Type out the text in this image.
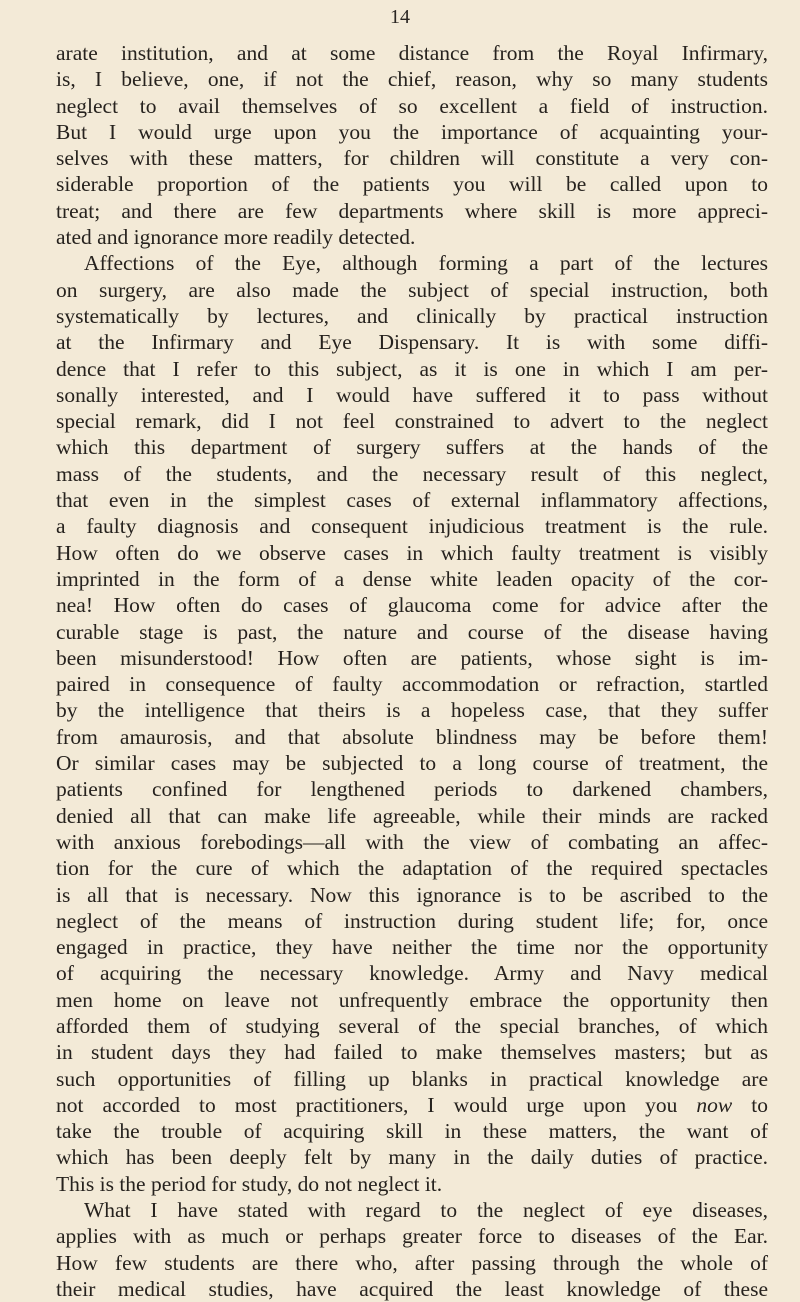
14
arate institution, and at some distance from the Royal Infirmary,
is, I believe, one, if not the chief, reason, why so many students
neglect to avail themselves of so excellent a field of instruction.
But I would urge upon you the importance of acquainting your-
selves with these matters, for children will constitute a very con-
siderable proportion of the patients you will be called upon to
treat; and there are few departments where skill is more appreci-
ated and ignorance more readily detected.
Affections of the Eye, although forming a part of the lectures
on surgery, are also made the subject of special instruction, both
systematically by lectures, and clinically by practical instruction
at the Infirmary and Eye Dispensary. It is with some diffi-
dence that I refer to this subject, as it is one in which I am per-
sonally interested, and I would have suffered it to pass without
special remark, did I not feel constrained to advert to the neglect
which this department of surgery suffers at the hands of the
mass of the students, and the necessary result of this neglect,
that even in the simplest cases of external inflammatory affections,
a faulty diagnosis and consequent injudicious treatment is the rule.
How often do we observe cases in which faulty treatment is visibly
imprinted in the form of a dense white leaden opacity of the cor-
nea! How often do cases of glaucoma come for advice after the
curable stage is past, the nature and course of the disease having
been misunderstood! How often are patients, whose sight is im-
paired in consequence of faulty accommodation or refraction, startled
by the intelligence that theirs is a hopeless case, that they suffer
from amaurosis, and that absolute blindness may be before them!
Or similar cases may be subjected to a long course of treatment, the
patients confined for lengthened periods to darkened chambers,
denied all that can make life agreeable, while their minds are racked
with anxious forebodings—all with the view of combating an affec-
tion for the cure of which the adaptation of the required spectacles
is all that is necessary. Now this ignorance is to be ascribed to the
neglect of the means of instruction during student life; for, once
engaged in practice, they have neither the time nor the opportunity
of acquiring the necessary knowledge. Army and Navy medical
men home on leave not unfrequently embrace the opportunity then
afforded them of studying several of the special branches, of which
in student days they had failed to make themselves masters; but as
such opportunities of filling up blanks in practical knowledge are
not accorded to most practitioners, I would urge upon you now to
take the trouble of acquiring skill in these matters, the want of
which has been deeply felt by many in the daily duties of practice.
This is the period for study, do not neglect it.
What I have stated with regard to the neglect of eye diseases,
applies with as much or perhaps greater force to diseases of the Ear.
How few students are there who, after passing through the whole of
their medical studies, have acquired the least knowledge of these
